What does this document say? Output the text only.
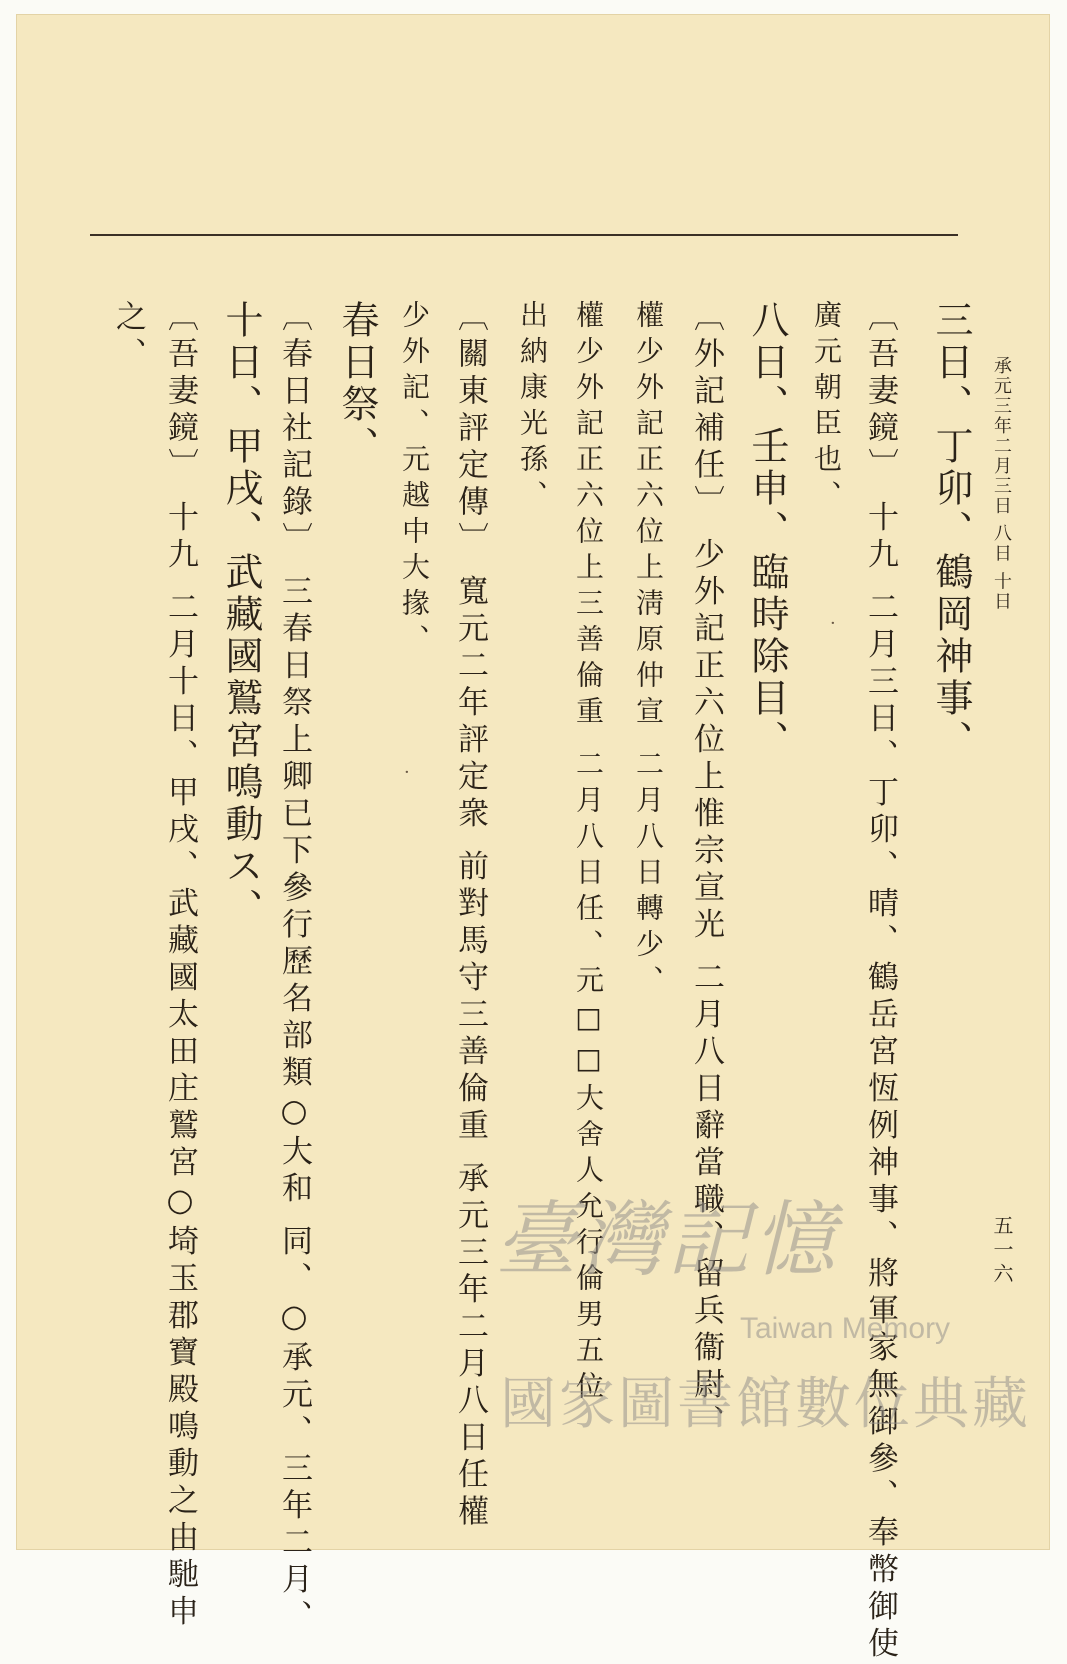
承元三年二月三日 八日 十日
三日、丁卯、鶴岡神事、
〔吾妻鏡〕 十九 二月三日、丁卯、晴、鶴岳宮恆例神事、將軍家無御參、奉幣御使
廣元朝臣也、
八日、壬申、臨時除目、
〔外記補任〕 少外記正六位上惟宗宣光 二月八日辭當職、留兵衞尉、
權少外記正六位上淸原仲宣 二月八日轉少、
權少外記正六位上三善倫重 二月八日任、元□□大舍人允行倫男五位
出納康光孫、
〔關東評定傳〕 寬元二年評定衆 前對馬守三善倫重 承元三年二月八日任權
少外記、元越中大掾、
春日祭、
〔春日社記錄〕 三春日祭上卿已下參行歷名部類○大和 同、○承元、三年二月、
十日、甲戌、武藏國鷲宮鳴動ス、
〔吾妻鏡〕 十九 二月十日、甲戌、武藏國太田庄鷲宮○埼玉郡寶殿鳴動之由馳申
之、
·
·
五一六
臺灣記憶
Taiwan Memory
國家圖書館數位典藏
